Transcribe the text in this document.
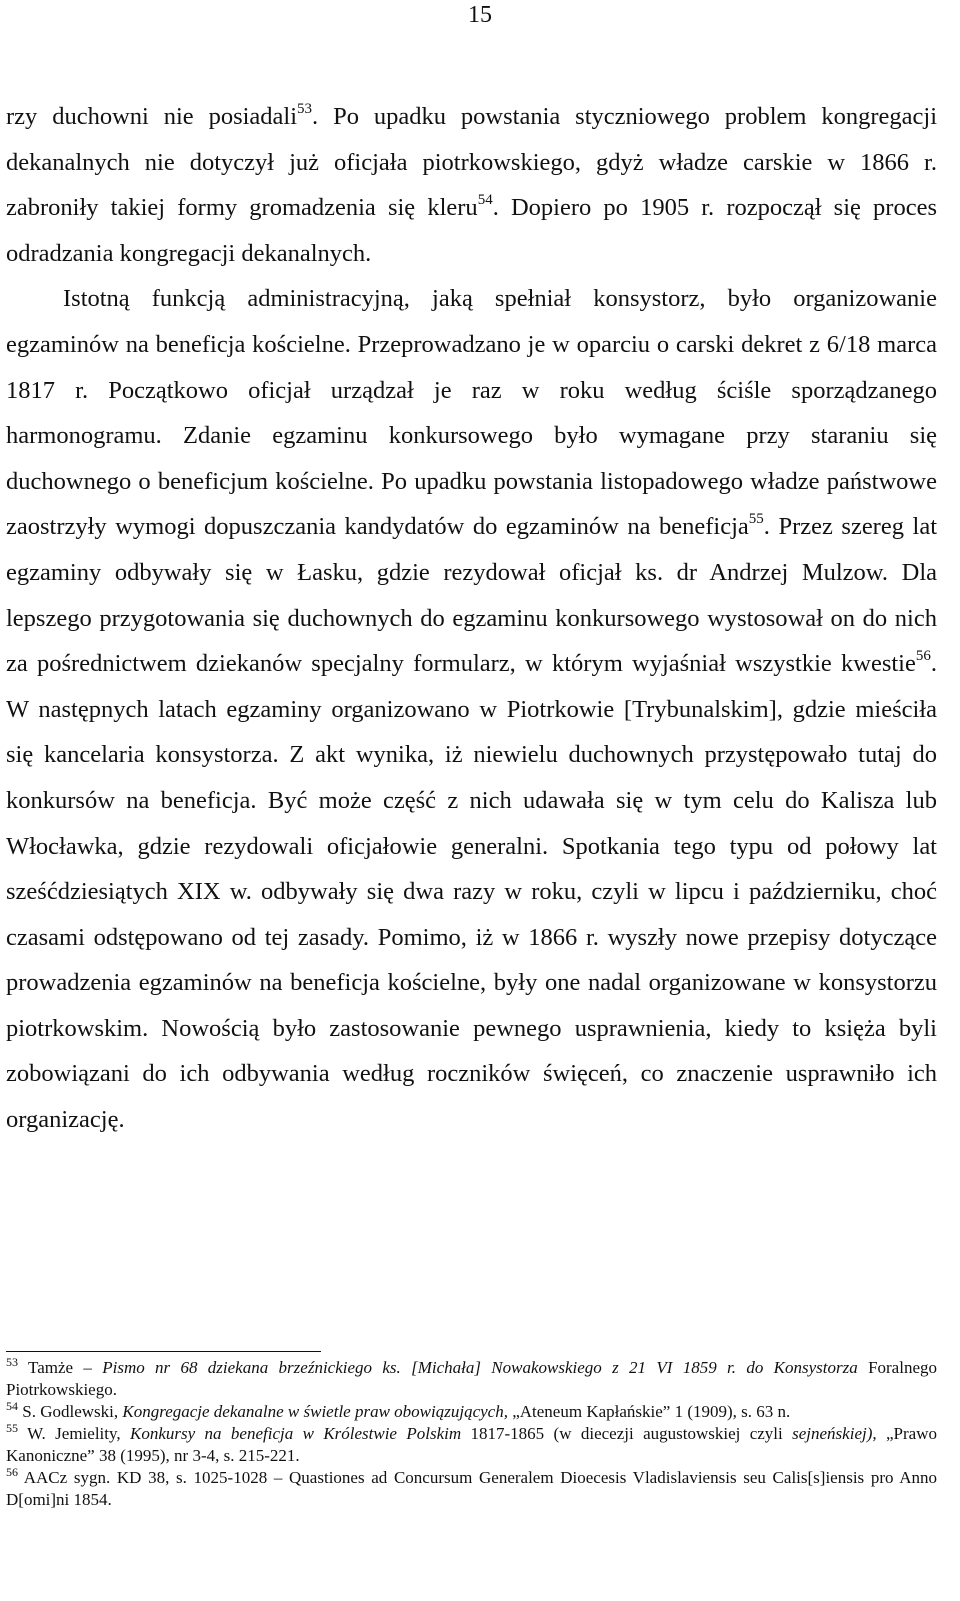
15

rzy duchowni nie posiadali$^{53}$. Po upadku powstania styczniowego problem kongregacji dekanalnych nie dotyczył już oficjała piotrkowskiego, gdyż władze carskie w 1866 r. zabroniły takiej formy gromadzenia się kleru$^{54}$. Dopiero po 1905 r. rozpoczął się proces odradzania kongregacji dekanalnych.

Istotną funkcją administracyjną, jaką spełniał konsystorz, było organizowanie egzaminów na beneficja kościelne. Przeprowadzano je w oparciu o carski dekret z 6/18 marca 1817 r. Początkowo oficjał urządzał je raz w roku według ściśle sporządzanego harmonogramu. Zdanie egzaminu konkursowego było wymagane przy staraniu się duchownego o beneficjum kościelne. Po upadku powstania listopadowego władze państwowe zaostrzyły wymogi dopuszczania kandydatów do egzaminów na beneficja$^{55}$. Przez szereg lat egzaminy odbywały się w Łasku, gdzie rezydował oficjał ks. dr Andrzej Mulzow. Dla lepszego przygotowania się duchownych do egzaminu konkursowego wystosował on do nich za pośrednictwem dziekanów specjalny formularz, w którym wyjaśniał wszystkie kwestie$^{56}$. W następnych latach egzaminy organizowano w Piotrkowie [Trybunalskim], gdzie mieściła się kancelaria konsystorza. Z akt wynika, iż niewielu duchownych przystępowało tutaj do konkursów na beneficja. Być może część z nich udawała się w tym celu do Kalisza lub Włocławka, gdzie rezydowali oficjałowie generalni. Spotkania tego typu od połowy lat sześćdziesiątych XIX w. odbywały się dwa razy w roku, czyli w lipcu i październiku, choć czasami odstępowano od tej zasady. Pomimo, iż w 1866 r. wyszły nowe przepisy dotyczące prowadzenia egzaminów na beneficja kościelne, były one nadal organizowane w konsystorzu piotrkowskim. Nowością było zastosowanie pewnego usprawnienia, kiedy to księża byli zobowiązani do ich odbywania według roczników święceń, co znaczenie usprawniło ich organizację.

$^{53}$ Tamże – Pismo nr 68 dziekana brzeźnickiego ks. [Michała] Nowakowskiego z 21 VI 1859 r. do Konsystorza Foralnego Piotrkowskiego.
$^{54}$ S. Godlewski, Kongregacje dekanalne w świetle praw obowiązujących, „Ateneum Kapłańskie” 1 (1909), s. 63 n.
$^{55}$ W. Jemielity, Konkursy na beneficja w Królestwie Polskim 1817-1865 (w diecezji augustowskiej czyli sejneńskiej), „Prawo Kanoniczne” 38 (1995), nr 3-4, s. 215-221.
$^{56}$ AACz sygn. KD 38, s. 1025-1028 – Quastiones ad Concursum Generalem Dioecesis Vladislaviensis seu Calis[s]iensis pro Anno D[omi]ni 1854.
